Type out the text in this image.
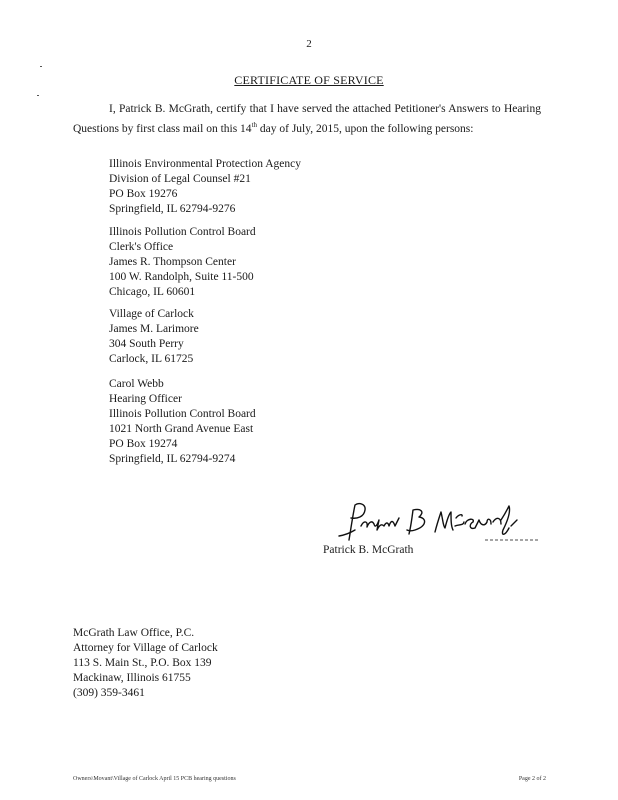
2
CERTIFICATE OF SERVICE
I, Patrick B. McGrath, certify that I have served the attached Petitioner's Answers to Hearing Questions by first class mail on this 14th day of July, 2015, upon the following persons:
Illinois Environmental Protection Agency
Division of Legal Counsel #21
PO Box 19276
Springfield, IL 62794-9276
Illinois Pollution Control Board
Clerk's Office
James R. Thompson Center
100 W. Randolph, Suite 11-500
Chicago, IL 60601
Village of Carlock
James M. Larimore
304 South Perry
Carlock, IL 61725
Carol Webb
Hearing Officer
Illinois Pollution Control Board
1021 North Grand Avenue East
PO Box 19274
Springfield, IL 62794-9274
Patrick B. McGrath
McGrath Law Office, P.C.
Attorney for Village of Carlock
113 S. Main St., P.O. Box 139
Mackinaw, Illinois 61755
(309) 359-3461
Owners\Movant\Village of Carlock April 15 PCB hearing questions	Page 2 of 2
